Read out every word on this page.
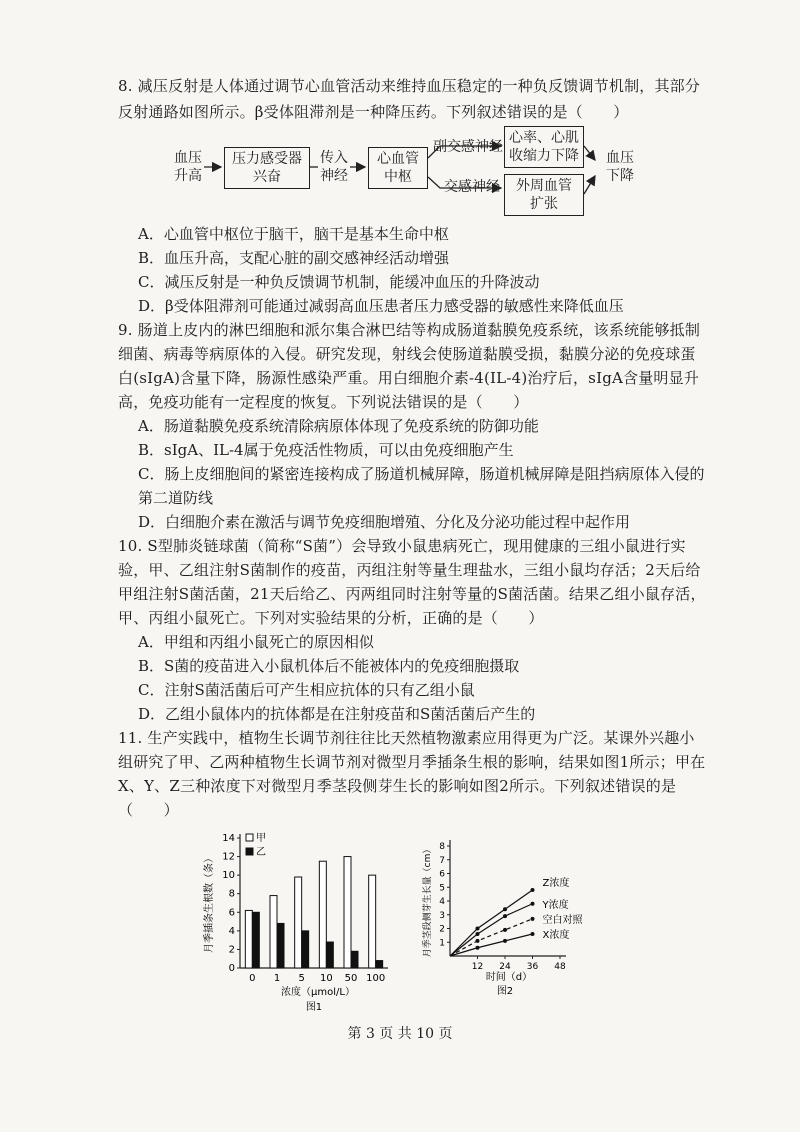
8. 减压反射是人体通过调节心血管活动来维持血压稳定的一种负反馈调节机制，其部分
反射通路如图所示。β受体阻滞剂是一种降压药。下列叙述错误的是（　　）
血压
升高
压力感受器
兴奋
传入
神经
心血管
中枢
副交感神经
交感神经
心率、心肌
收缩力下降
外周血管
扩张
血压
下降
A．心血管中枢位于脑干，脑干是基本生命中枢
B．血压升高，支配心脏的副交感神经活动增强
C．减压反射是一种负反馈调节机制，能缓冲血压的升降波动
D．β受体阻滞剂可能通过减弱高血压患者压力感受器的敏感性来降低血压
9. 肠道上皮内的淋巴细胞和派尔集合淋巴结等构成肠道黏膜免疫系统，该系统能够抵制细菌、病毒等病原体的入侵。研究发现，射线会使肠道黏膜受损，黏膜分泌的免疫球蛋白(sIgA)含量下降，肠源性感染严重。用白细胞介素-4(IL-4)治疗后，sIgA含量明显升高，免疫功能有一定程度的恢复。下列说法错误的是（　　）
A．肠道黏膜免疫系统清除病原体体现了免疫系统的防御功能
B．sIgA、IL-4属于免疫活性物质，可以由免疫细胞产生
C．肠上皮细胞间的紧密连接构成了肠道机械屏障，肠道机械屏障是阻挡病原体入侵的第二道防线
D．白细胞介素在激活与调节免疫细胞增殖、分化及分泌功能过程中起作用
10. S型肺炎链球菌（简称“S菌”）会导致小鼠患病死亡，现用健康的三组小鼠进行实验，甲、乙组注射S菌制作的疫苗，丙组注射等量生理盐水，三组小鼠均存活；2天后给甲组注射S菌活菌，21天后给乙、丙两组同时注射等量的S菌活菌。结果乙组小鼠存活，甲、丙组小鼠死亡。下列对实验结果的分析，正确的是（　　）
A．甲组和丙组小鼠死亡的原因相似
B．S菌的疫苗进入小鼠机体后不能被体内的免疫细胞摄取
C．注射S菌活菌后可产生相应抗体的只有乙组小鼠
D．乙组小鼠体内的抗体都是在注射疫苗和S菌活菌后产生的
11. 生产实践中，植物生长调节剂往往比天然植物激素应用得更为广泛。某课外兴趣小组研究了甲、乙两种植物生长调节剂对微型月季插条生根的影响，结果如图1所示；甲在X、Y、Z三种浓度下对微型月季茎段侧芽生长的影响如图2所示。下列叙述错误的是（　　）
0
2
4
6
8
10
12
14
0 1 5 10 50 100
甲
乙
浓度（μmol/L）
月季插条生根数（条）
图1
1
2
3
4
5
6
7
8
12 24 36 48
Z浓度
Y浓度
空白对照
X浓度
时间（d）
月季茎段侧芽生长量（cm）
图2
第 3 页 共 10 页
